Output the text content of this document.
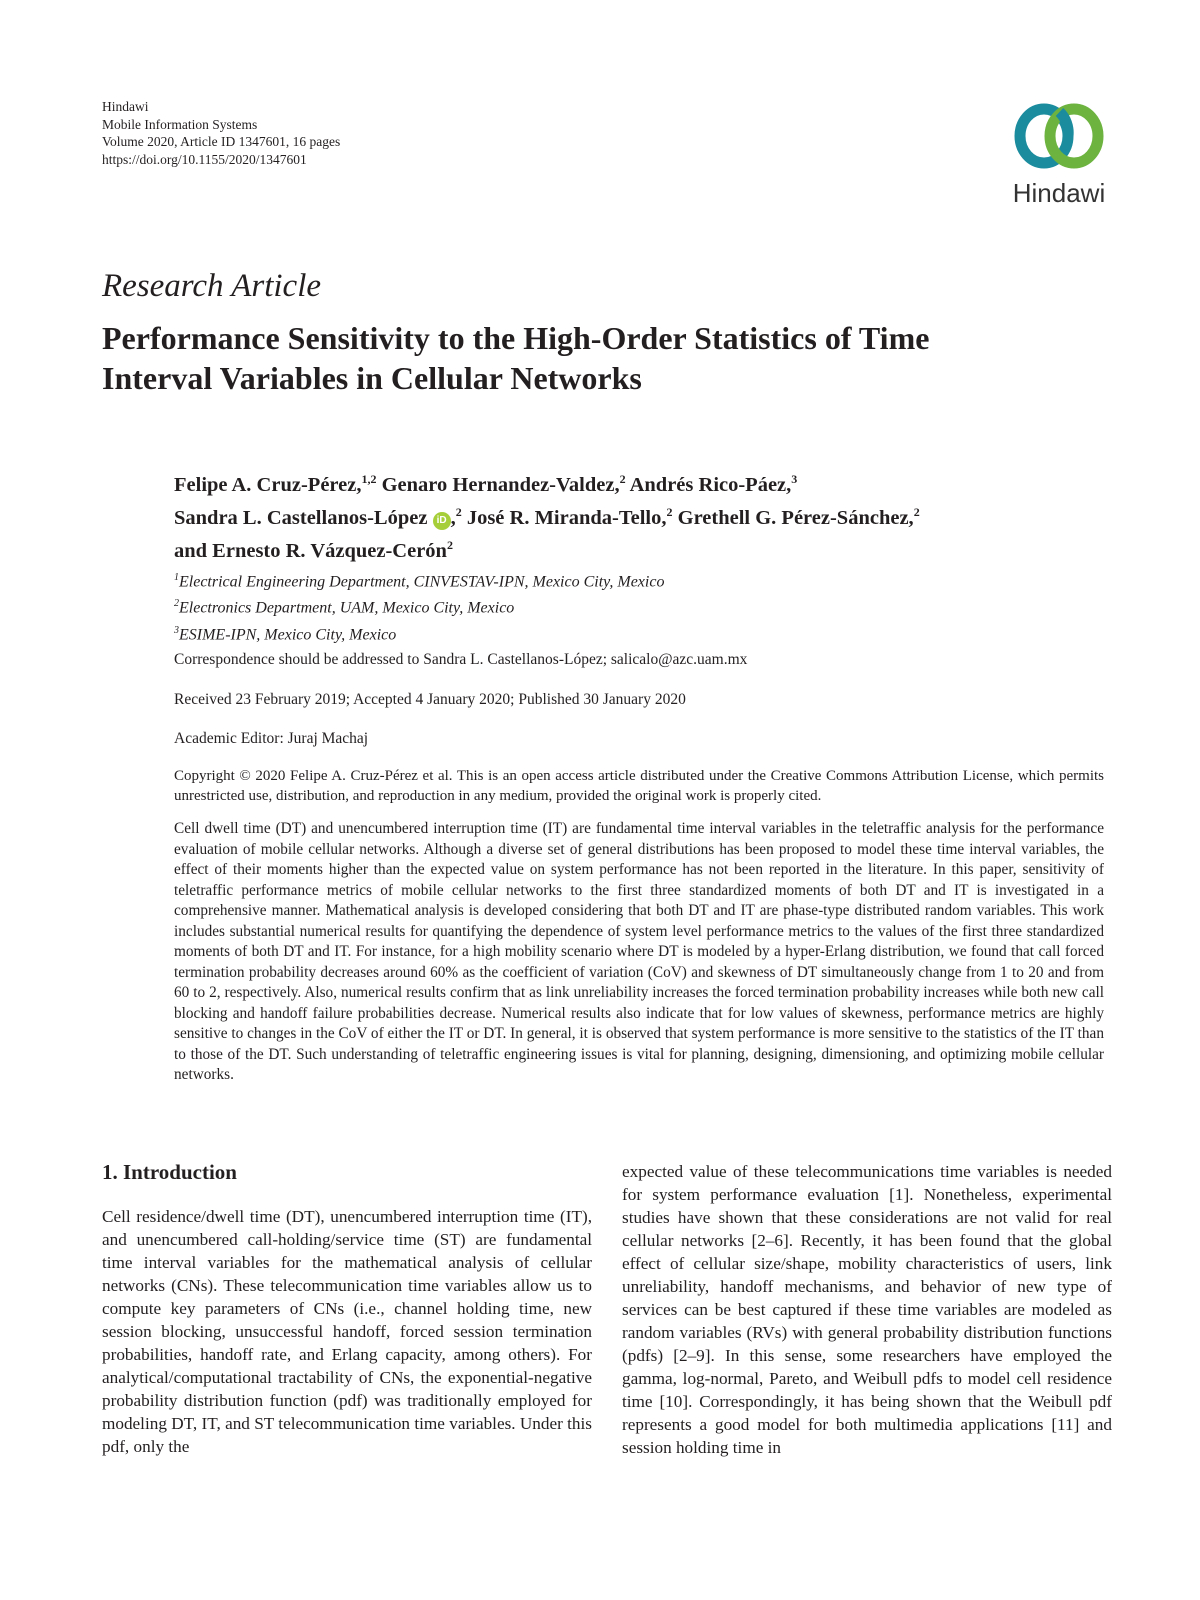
Hindawi
Mobile Information Systems
Volume 2020, Article ID 1347601, 16 pages
https://doi.org/10.1155/2020/1347601
Hindawi
Research Article
Performance Sensitivity to the High-Order Statistics of Time
Interval Variables in Cellular Networks
Felipe A. Cruz-Pérez,$^{1,2}$ Genaro Hernandez-Valdez,$^2$ Andrés Rico-Páez,$^3$
Sandra L. Castellanos-López iD ,$^2$ José R. Miranda-Tello,$^2$ Grethell G. Pérez-Sánchez,$^2$
and Ernesto R. Vázquez-Cerón$^2$
$^1$Electrical Engineering Department, CINVESTAV-IPN, Mexico City, Mexico
$^2$Electronics Department, UAM, Mexico City, Mexico
$^3$ESIME-IPN, Mexico City, Mexico
Correspondence should be addressed to Sandra L. Castellanos-López; salicalo@azc.uam.mx
Received 23 February 2019; Accepted 4 January 2020; Published 30 January 2020
Academic Editor: Juraj Machaj
Copyright © 2020 Felipe A. Cruz-Pérez et al. This is an open access article distributed under the Creative Commons Attribution License, which permits unrestricted use, distribution, and reproduction in any medium, provided the original work is properly cited.
Cell dwell time (DT) and unencumbered interruption time (IT) are fundamental time interval variables in the teletraffic analysis for the performance evaluation of mobile cellular networks. Although a diverse set of general distributions has been proposed to model these time interval variables, the effect of their moments higher than the expected value on system performance has not been reported in the literature. In this paper, sensitivity of teletraffic performance metrics of mobile cellular networks to the first three standardized moments of both DT and IT is investigated in a comprehensive manner. Mathematical analysis is developed considering that both DT and IT are phase-type distributed random variables. This work includes substantial numerical results for quantifying the dependence of system level performance metrics to the values of the first three standardized moments of both DT and IT. For instance, for a high mobility scenario where DT is modeled by a hyper-Erlang distribution, we found that call forced termination probability decreases around 60% as the coefficient of variation (CoV) and skewness of DT simultaneously change from 1 to 20 and from 60 to 2, respectively. Also, numerical results confirm that as link unreliability increases the forced termination probability increases while both new call blocking and handoff failure probabilities decrease. Numerical results also indicate that for low values of skewness, performance metrics are highly sensitive to changes in the CoV of either the IT or DT. In general, it is observed that system performance is more sensitive to the statistics of the IT than to those of the DT. Such understanding of teletraffic engineering issues is vital for planning, designing, dimensioning, and optimizing mobile cellular networks.
1. Introduction
Cell residence/dwell time (DT), unencumbered interruption time (IT), and unencumbered call-holding/service time (ST) are fundamental time interval variables for the mathematical analysis of cellular networks (CNs). These telecommunication time variables allow us to compute key parameters of CNs (i.e., channel holding time, new session blocking, unsuccessful handoff, forced session termination probabilities, handoff rate, and Erlang capacity, among others). For analytical/computational tractability of CNs, the exponential-negative probability distribution function (pdf) was traditionally employed for modeling DT, IT, and ST telecommunication time variables. Under this pdf, only the
expected value of these telecommunications time variables is needed for system performance evaluation [1]. Nonetheless, experimental studies have shown that these considerations are not valid for real cellular networks [2–6]. Recently, it has been found that the global effect of cellular size/shape, mobility characteristics of users, link unreliability, handoff mechanisms, and behavior of new type of services can be best captured if these time variables are modeled as random variables (RVs) with general probability distribution functions (pdfs) [2–9]. In this sense, some researchers have employed the gamma, log-normal, Pareto, and Weibull pdfs to model cell residence time [10]. Correspondingly, it has being shown that the Weibull pdf represents a good model for both multimedia applications [11] and session holding time in
